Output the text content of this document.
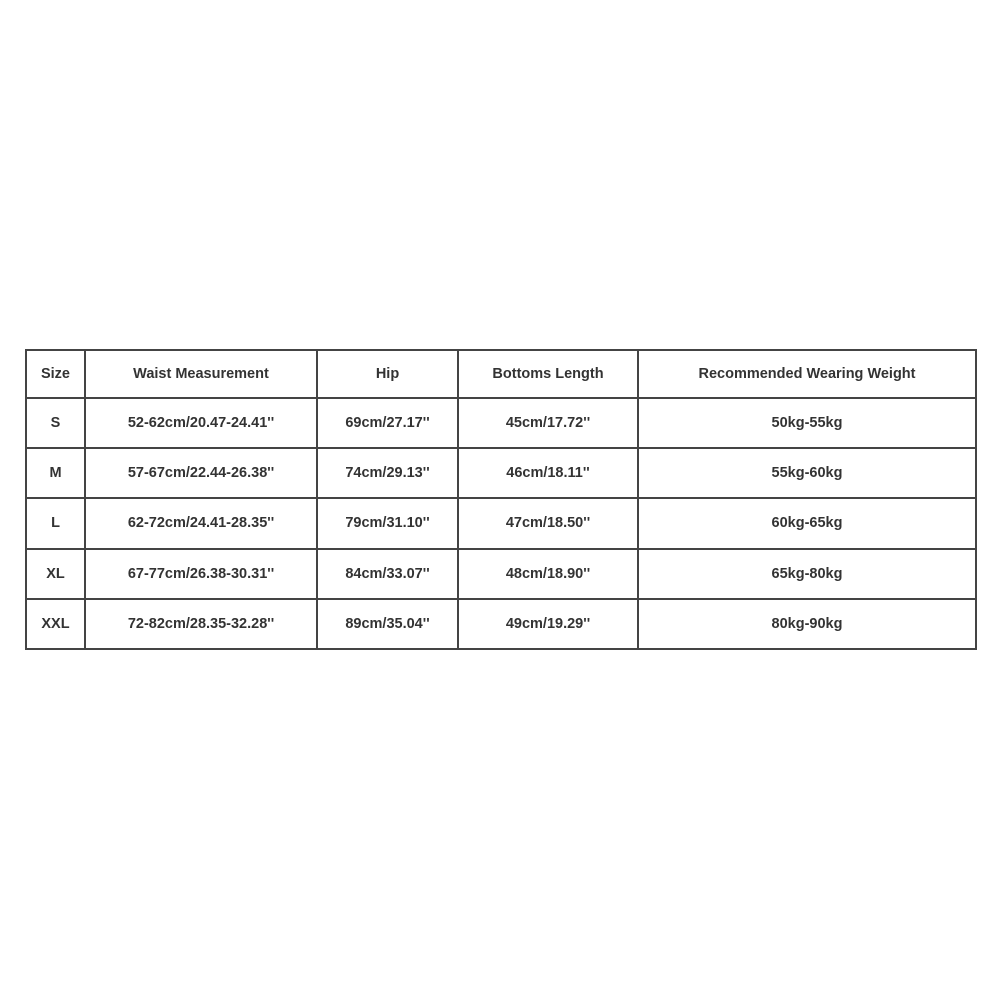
Size	Waist Measurement	Hip	Bottoms Length	Recommended Wearing Weight
S	52-62cm/20.47-24.41''	69cm/27.17''	45cm/17.72''	50kg-55kg
M	57-67cm/22.44-26.38''	74cm/29.13''	46cm/18.11''	55kg-60kg
L	62-72cm/24.41-28.35''	79cm/31.10''	47cm/18.50''	60kg-65kg
XL	67-77cm/26.38-30.31''	84cm/33.07''	48cm/18.90''	65kg-80kg
XXL	72-82cm/28.35-32.28''	89cm/35.04''	49cm/19.29''	80kg-90kg
